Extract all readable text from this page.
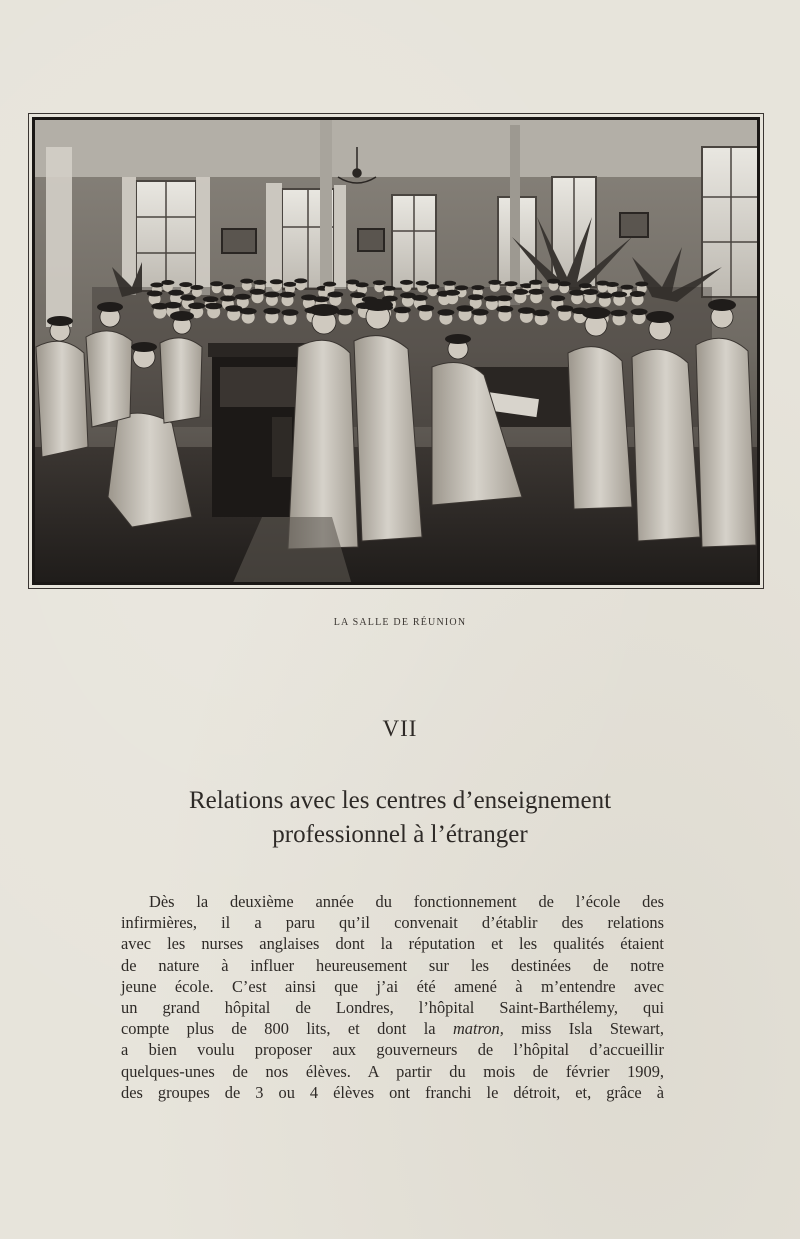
LA SALLE DE RÉUNION
VII
Relations avec les centres d’enseignement
professionnel à l’étranger
Dès la deuxième année du fonctionnement de l’école des
infirmières, il a paru qu’il convenait d’établir des relations
avec les nurses anglaises dont la réputation et les qualités étaient
de nature à influer heureusement sur les destinées de notre
jeune école. C’est ainsi que j’ai été amené à m’entendre avec
un grand hôpital de Londres, l’hôpital Saint-Barthélemy, qui
compte plus de 800 lits, et dont la matron, miss Isla Stewart,
a bien voulu proposer aux gouverneurs de l’hôpital d’accueillir
quelques-unes de nos élèves. A partir du mois de février 1909,
des groupes de 3 ou 4 élèves ont franchi le détroit, et, grâce à
